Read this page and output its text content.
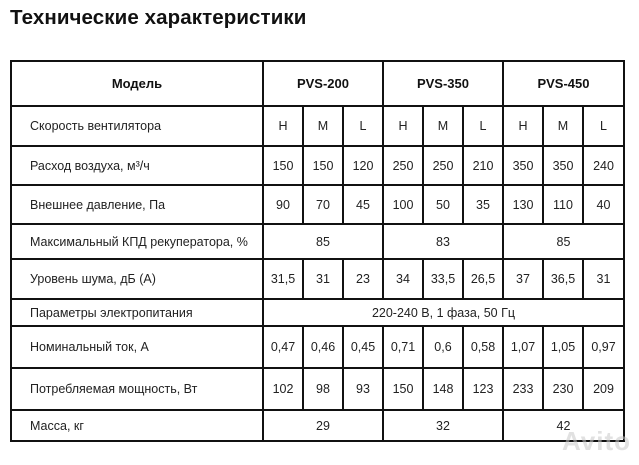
Технические характеристики
Модель	PVS-200			PVS-350			PVS-450		
Скорость вентилятора	H	M	L	H	M	L	H	M	L
Расход воздуха, м³/ч	150	150	120	250	250	210	350	350	240
Внешнее давление, Па	90	70	45	100	50	35	130	110	40
Максимальный КПД рекуператора, %	85			83			85		
Уровень шума, дБ (А)	31,5	31	23	34	33,5	26,5	37	36,5	31
Параметры электропитания	220-240 В, 1 фаза, 50 Гц								
Номинальный ток, А	0,47	0,46	0,45	0,71	0,6	0,58	1,07	1,05	0,97
Потребляемая мощность, Вт	102	98	93	150	148	123	233	230	209
Масса, кг	29			32			42		
Avito
